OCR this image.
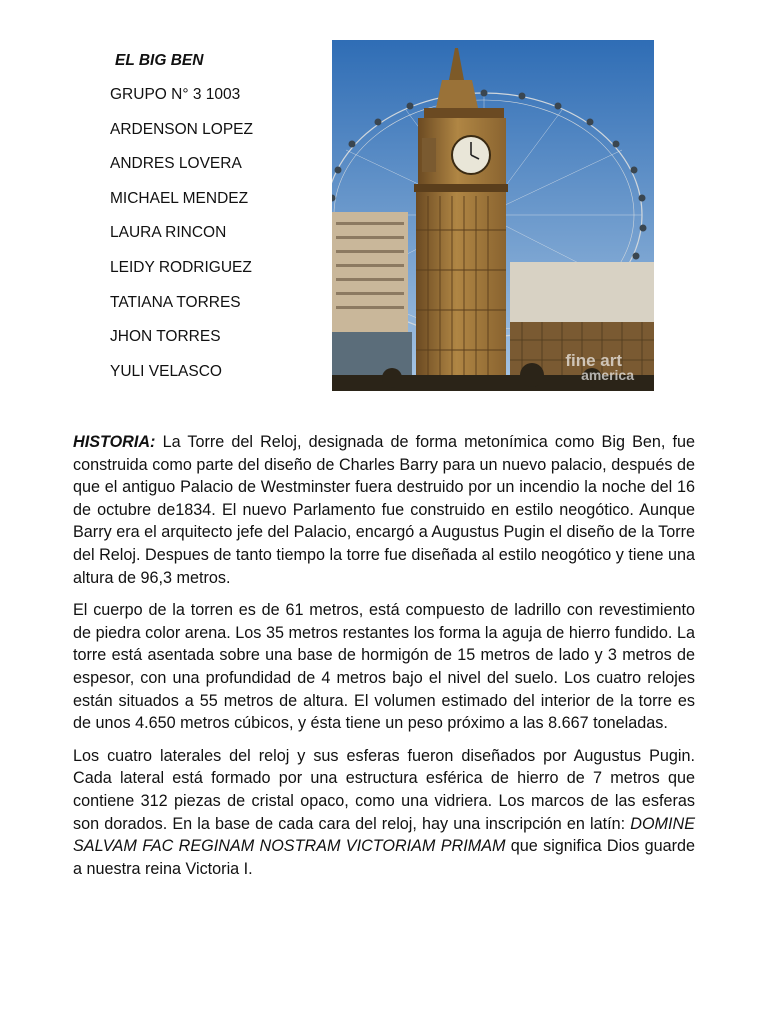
EL BIG BEN
GRUPO N° 3 1003
ARDENSON LOPEZ
ANDRES LOVERA
MICHAEL MENDEZ
LAURA RINCON
LEIDY RODRIGUEZ
TATIANA TORRES
JHON TORRES
YULI VELASCO
fine art
america

HISTORIA: La Torre del Reloj, designada de forma metonímica como Big Ben, fue construida como parte del diseño de Charles Barry para un nuevo palacio, después de que el antiguo Palacio de Westminster fuera destruido por un incendio la noche del 16 de octubre de1834. El nuevo Parlamento fue construido en estilo neogótico. Aunque Barry era el arquitecto jefe del Palacio, encargó a Augustus Pugin el diseño de la Torre del Reloj. Despues de tanto tiempo la torre fue diseñada al estilo neogótico y tiene una altura de 96,3 metros.

El cuerpo de la torren es de 61 metros, está compuesto de ladrillo con revestimiento de piedra color arena. Los 35 metros restantes los forma la aguja de hierro fundido. La torre está asentada sobre una base de hormigón de 15 metros de lado y 3 metros de espesor, con una profundidad de 4 metros bajo el nivel del suelo. Los cuatro relojes están situados a 55 metros de altura. El volumen estimado del interior de la torre es de unos 4.650 metros cúbicos, y ésta tiene un peso próximo a las 8.667 toneladas.

Los cuatro laterales del reloj y sus esferas fueron diseñados por Augustus Pugin. Cada lateral está formado por una estructura esférica de hierro de 7 metros que contiene 312 piezas de cristal opaco, como una vidriera. Los marcos de las esferas son dorados. En la base de cada cara del reloj, hay una inscripción en latín: DOMINE SALVAM FAC REGINAM NOSTRAM VICTORIAM PRIMAM que significa Dios guarde a nuestra reina Victoria I.
